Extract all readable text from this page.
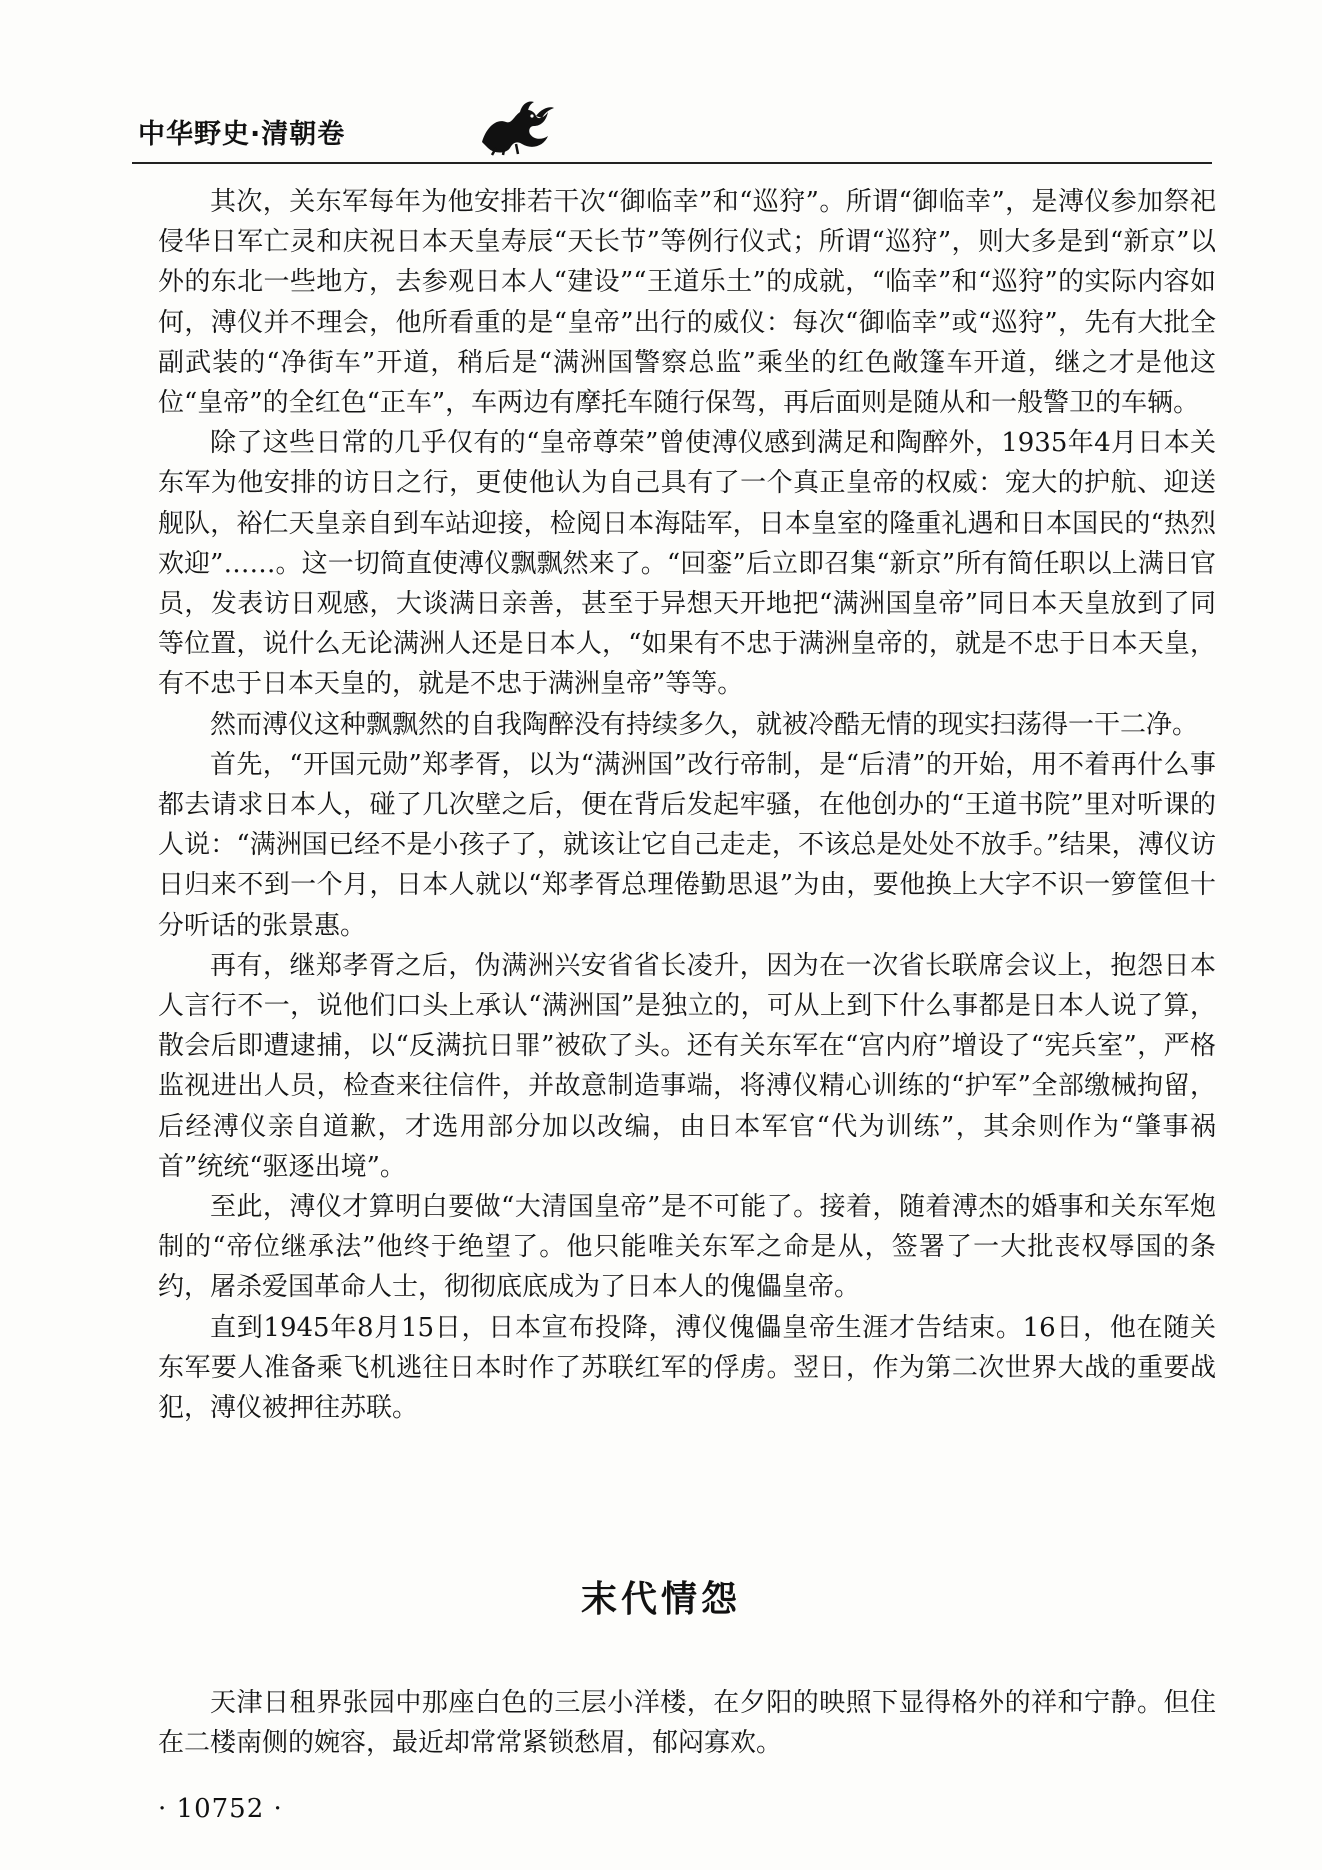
中华野史·清朝卷

其次，关东军每年为他安排若干次“御临幸”和“巡狩”。所谓“御临幸”，是溥仪参加祭祀侵华日军亡灵和庆祝日本天皇寿辰“天长节”等例行仪式；所谓“巡狩”，则大多是到“新京”以外的东北一些地方，去参观日本人“建设”“王道乐土”的成就，“临幸”和“巡狩”的实际内容如何，溥仪并不理会，他所看重的是“皇帝”出行的威仪：每次“御临幸”或“巡狩”，先有大批全副武装的“净街车”开道，稍后是“满洲国警察总监”乘坐的红色敞篷车开道，继之才是他这位“皇帝”的全红色“正车”，车两边有摩托车随行保驾，再后面则是随从和一般警卫的车辆。

除了这些日常的几乎仅有的“皇帝尊荣”曾使溥仪感到满足和陶醉外，1935年4月日本关东军为他安排的访日之行，更使他认为自己具有了一个真正皇帝的权威：宠大的护航、迎送舰队，裕仁天皇亲自到车站迎接，检阅日本海陆军，日本皇室的隆重礼遇和日本国民的“热烈欢迎”……。这一切简直使溥仪飘飘然来了。“回銮”后立即召集“新京”所有简任职以上满日官员，发表访日观感，大谈满日亲善，甚至于异想天开地把“满洲国皇帝”同日本天皇放到了同等位置，说什么无论满洲人还是日本人，“如果有不忠于满洲皇帝的，就是不忠于日本天皇，有不忠于日本天皇的，就是不忠于满洲皇帝”等等。

然而溥仪这种飘飘然的自我陶醉没有持续多久，就被冷酷无情的现实扫荡得一干二净。

首先，“开国元勋”郑孝胥，以为“满洲国”改行帝制，是“后清”的开始，用不着再什么事都去请求日本人，碰了几次壁之后，便在背后发起牢骚，在他创办的“王道书院”里对听课的人说：“满洲国已经不是小孩子了，就该让它自己走走，不该总是处处不放手。”结果，溥仪访日归来不到一个月，日本人就以“郑孝胥总理倦勤思退”为由，要他换上大字不识一箩筐但十分听话的张景惠。

再有，继郑孝胥之后，伪满洲兴安省省长凌升，因为在一次省长联席会议上，抱怨日本人言行不一，说他们口头上承认“满洲国”是独立的，可从上到下什么事都是日本人说了算，散会后即遭逮捕，以“反满抗日罪”被砍了头。还有关东军在“宫内府”增设了“宪兵室”，严格监视进出人员，检查来往信件，并故意制造事端，将溥仪精心训练的“护军”全部缴械拘留，后经溥仪亲自道歉，才选用部分加以改编，由日本军官“代为训练”，其余则作为“肇事祸首”统统“驱逐出境”。

至此，溥仪才算明白要做“大清国皇帝”是不可能了。接着，随着溥杰的婚事和关东军炮制的“帝位继承法”他终于绝望了。他只能唯关东军之命是从，签署了一大批丧权辱国的条约，屠杀爱国革命人士，彻彻底底成为了日本人的傀儡皇帝。

直到1945年8月15日，日本宣布投降，溥仪傀儡皇帝生涯才告结束。16日，他在随关东军要人准备乘飞机逃往日本时作了苏联红军的俘虏。翌日，作为第二次世界大战的重要战犯，溥仪被押往苏联。

末代情怨

天津日租界张园中那座白色的三层小洋楼，在夕阳的映照下显得格外的祥和宁静。但住在二楼南侧的婉容，最近却常常紧锁愁眉，郁闷寡欢。

· 10752 ·
